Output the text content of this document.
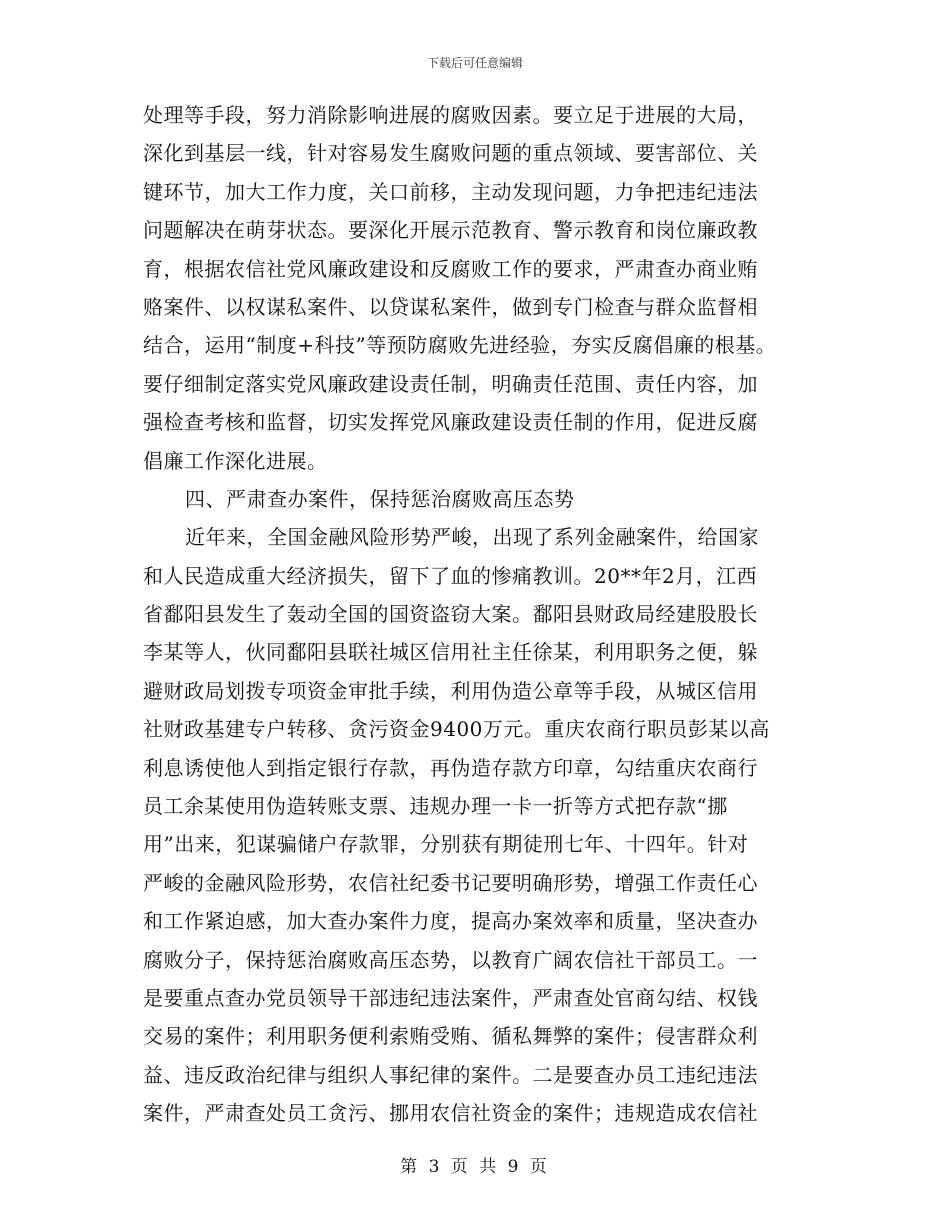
下载后可任意编辑
处理等手段，努力消除影响进展的腐败因素。要立足于进展的大局，
深化到基层一线，针对容易发生腐败问题的重点领域、要害部位、关
键环节，加大工作力度，关口前移，主动发现问题，力争把违纪违法
问题解决在萌芽状态。要深化开展示范教育、警示教育和岗位廉政教
育，根据农信社党风廉政建设和反腐败工作的要求，严肃查办商业贿
赂案件、以权谋私案件、以贷谋私案件，做到专门检查与群众监督相
结合，运用“制度+科技”等预防腐败先进经验，夯实反腐倡廉的根基。
要仔细制定落实党风廉政建设责任制，明确责任范围、责任内容，加
强检查考核和监督，切实发挥党风廉政建设责任制的作用，促进反腐
倡廉工作深化进展。
四、严肃查办案件，保持惩治腐败高压态势
近年来，全国金融风险形势严峻，出现了系列金融案件，给国家
和人民造成重大经济损失，留下了血的惨痛教训。20**年2月，江西
省鄱阳县发生了轰动全国的国资盗窃大案。鄱阳县财政局经建股股长
李某等人，伙同鄱阳县联社城区信用社主任徐某，利用职务之便，躲
避财政局划拨专项资金审批手续，利用伪造公章等手段，从城区信用
社财政基建专户转移、贪污资金9400万元。重庆农商行职员彭某以高
利息诱使他人到指定银行存款，再伪造存款方印章，勾结重庆农商行
员工余某使用伪造转账支票、违规办理一卡一折等方式把存款“挪
用”出来，犯谋骗储户存款罪，分别获有期徒刑七年、十四年。针对
严峻的金融风险形势，农信社纪委书记要明确形势，增强工作责任心
和工作紧迫感，加大查办案件力度，提高办案效率和质量，坚决查办
腐败分子，保持惩治腐败高压态势，以教育广阔农信社干部员工。一
是要重点查办党员领导干部违纪违法案件，严肃查处官商勾结、权钱
交易的案件；利用职务便利索贿受贿、循私舞弊的案件；侵害群众利
益、违反政治纪律与组织人事纪律的案件。二是要查办员工违纪违法
案件，严肃查处员工贪污、挪用农信社资金的案件；违规造成农信社
第 3 页 共 9 页
